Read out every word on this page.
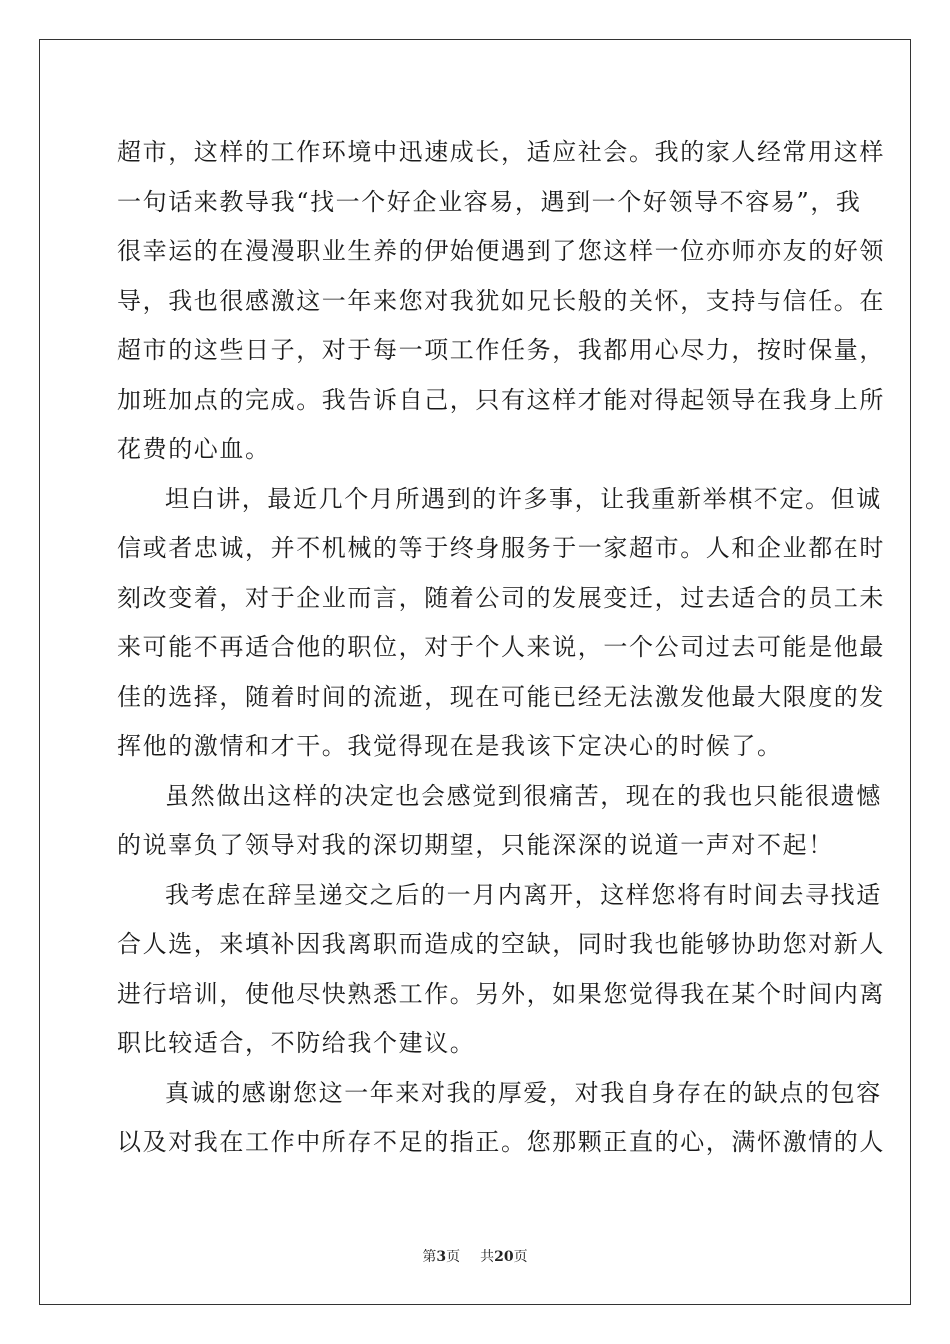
超市，这样的工作环境中迅速成长，适应社会。我的家人经常用这样
一句话来教导我“找一个好企业容易，遇到一个好领导不容易”，我
很幸运的在漫漫职业生养的伊始便遇到了您这样一位亦师亦友的好领
导，我也很感激这一年来您对我犹如兄长般的关怀，支持与信任。在
超市的这些日子，对于每一项工作任务，我都用心尽力，按时保量，
加班加点的完成。我告诉自己，只有这样才能对得起领导在我身上所
花费的心血。
坦白讲，最近几个月所遇到的许多事，让我重新举棋不定。但诚
信或者忠诚，并不机械的等于终身服务于一家超市。人和企业都在时
刻改变着，对于企业而言，随着公司的发展变迁，过去适合的员工未
来可能不再适合他的职位，对于个人来说，一个公司过去可能是他最
佳的选择，随着时间的流逝，现在可能已经无法激发他最大限度的发
挥他的激情和才干。我觉得现在是我该下定决心的时候了。
虽然做出这样的决定也会感觉到很痛苦，现在的我也只能很遗憾
的说辜负了领导对我的深切期望，只能深深的说道一声对不起！
我考虑在辞呈递交之后的一月内离开，这样您将有时间去寻找适
合人选，来填补因我离职而造成的空缺，同时我也能够协助您对新人
进行培训，使他尽快熟悉工作。另外，如果您觉得我在某个时间内离
职比较适合，不防给我个建议。
真诚的感谢您这一年来对我的厚爱，对我自身存在的缺点的包容
以及对我在工作中所存不足的指正。您那颗正直的心，满怀激情的人
第3页 共20页
